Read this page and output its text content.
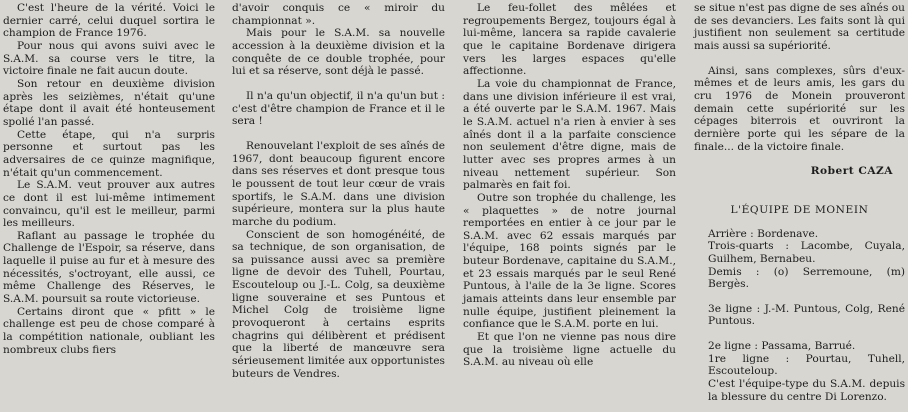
C'est l'heure de la vérité. Voici le dernier carré, celui duquel sortira le champion de France 1976.

Pour nous qui avons suivi avec le S.A.M. sa course vers le titre, la victoire finale ne fait aucun doute.

Son retour en deuxième division après les seizièmes, n'était qu'une étape dont il avait été honteusement spolié l'an passé.

Cette étape, qui n'a surpris personne et surtout pas les adversaires de ce quinze magnifique, n'était qu'un commencement.

Le S.A.M. veut prouver aux autres ce dont il est lui-même intimement convaincu, qu'il est le meilleur, parmi les meilleurs.

Raflant au passage le trophée du Challenge de l'Espoir, sa réserve, dans laquelle il puise au fur et à mesure des nécessités, s'octroyant, elle aussi, ce même Challenge des Réserves, le S.A.M. poursuit sa route victorieuse.

Certains diront que « pfitt » le challenge est peu de chose comparé à la compétition nationale, oubliant les nombreux clubs fiers

d'avoir conquis ce « miroir du championnat ».

Mais pour le S.A.M. sa nouvelle accession à la deuxième division et la conquête de ce double trophée, pour lui et sa réserve, sont déjà le passé.

Il n'a qu'un objectif, il n'a qu'un but : c'est d'être champion de France et il le sera !

Renouvelant l'exploit de ses aînés de 1967, dont beaucoup figurent encore dans ses réserves et dont presque tous le poussent de tout leur cœur de vrais sportifs, le S.A.M. dans une division supérieure, montera sur la plus haute marche du podium.

Conscient de son homogénéité, de sa technique, de son organisation, de sa puissance aussi avec sa première ligne de devoir des Tuhell, Pourtau, Escouteloup ou J.-L. Colg, sa deuxième ligne souveraine et ses Puntous et Michel Colg de troisième ligne provoqueront à certains esprits chagrins qui délibèrent et prédisent que la liberté de manœuvre sera sérieusement limitée aux opportunistes buteurs de Vendres.

Le feu-follet des mêlées et regroupements Bergez, toujours égal à lui-même, lancera sa rapide cavalerie que le capitaine Bordenave dirigera vers les larges espaces qu'elle affectionne.

La voie du championnat de France, dans une division inférieure il est vrai, a été ouverte par le S.A.M. 1967. Mais le S.A.M. actuel n'a rien à envier à ses aînés dont il a la parfaite conscience non seulement d'être digne, mais de lutter avec ses propres armes à un niveau nettement supérieur. Son palmarès en fait foi.

Outre son trophée du challenge, les « plaquettes » de notre journal remportées en entier à ce jour par le S.A.M. avec 62 essais marqués par l'équipe, 168 points signés par le buteur Bordenave, capitaine du S.A.M., et 23 essais marqués par le seul René Puntous, à l'aile de la 3e ligne. Scores jamais atteints dans leur ensemble par nulle équipe, justifient pleinement la confiance que le S.A.M. porte en lui.

Et que l'on ne vienne pas nous dire que la troisième ligne actuelle du S.A.M. au niveau où elle

se situe n'est pas digne de ses aînés ou de ses devanciers. Les faits sont là qui justifient non seulement sa certitude mais aussi sa supériorité.

Ainsi, sans complexes, sûrs d'eux-mêmes et de leurs amis, les gars du cru 1976 de Monein prouveront demain cette supériorité sur les cépages biterrois et ouvriront la dernière porte qui les sépare de la finale... de la victoire finale.

Robert CAZA

L'ÉQUIPE DE MONEIN

Arrière : Bordenave.

Trois-quarts : Lacombe, Cuyala, Guilhem, Bernabeu.

Demis : (o) Serremoune, (m) Bergès.

3e ligne : J.-M. Puntous, Colg, René Puntous.

2e ligne : Passama, Barrué.

1re ligne : Pourtau, Tuhell, Escouteloup.

C'est l'équipe-type du S.A.M. depuis la blessure du centre Di Lorenzo.
